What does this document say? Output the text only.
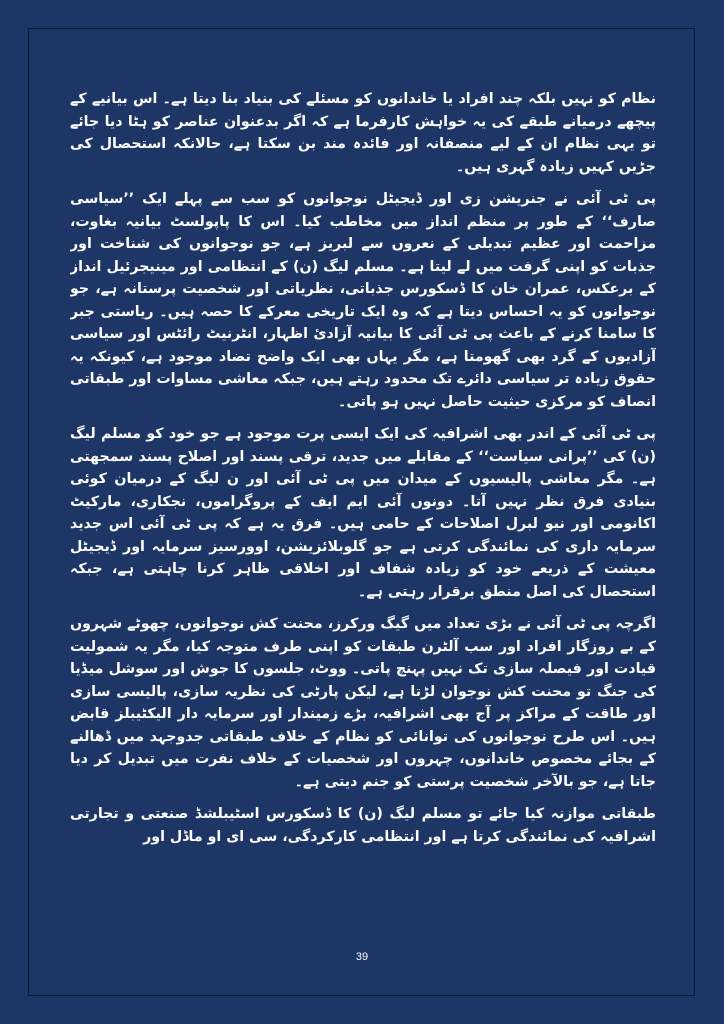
نظام کو نہیں بلکہ چند افراد یا خاندانوں کو مسئلے کی بنیاد بنا دیتا ہے۔ اس بیانیے کے پیچھے درمیانے طبقے کی یہ خواہش کارفرما ہے کہ اگر بدعنوان عناصر کو ہٹا دیا جائے تو یہی نظام ان کے لیے منصفانہ اور فائدہ مند بن سکتا ہے، حالانکہ استحصال کی جڑیں کہیں زیادہ گہری ہیں۔

پی ٹی آئی نے جنریشن زی اور ڈیجیٹل نوجوانوں کو سب سے پہلے ایک ’’سیاسی صارف‘‘ کے طور پر منظم انداز میں مخاطب کیا۔ اس کا پاپولسٹ بیانیہ بغاوت، مزاحمت اور عظیم تبدیلی کے نعروں سے لبریز ہے، جو نوجوانوں کی شناخت اور جذبات کو اپنی گرفت میں لے لیتا ہے۔ مسلم لیگ (ن) کے انتظامی اور مینیجرئیل انداز کے برعکس، عمران خان کا ڈسکورس جذباتی، نظریاتی اور شخصیت پرستانہ ہے، جو نوجوانوں کو یہ احساس دیتا ہے کہ وہ ایک تاریخی معرکے کا حصہ ہیں۔ ریاستی جبر کا سامنا کرنے کے باعث پی ٹی آئی کا بیانیہ آزادیٔ اظہار، انٹرنیٹ رائٹس اور سیاسی آزادیوں کے گرد بھی گھومتا ہے، مگر یہاں بھی ایک واضح تضاد موجود ہے، کیونکہ یہ حقوق زیادہ تر سیاسی دائرے تک محدود رہتے ہیں، جبکہ معاشی مساوات اور طبقاتی انصاف کو مرکزی حیثیت حاصل نہیں ہو پاتی۔

پی ٹی آئی کے اندر بھی اشرافیہ کی ایک ایسی پرت موجود ہے جو خود کو مسلم لیگ (ن) کی ’’پرانی سیاست‘‘ کے مقابلے میں جدید، ترقی پسند اور اصلاح پسند سمجھتی ہے۔ مگر معاشی پالیسیوں کے میدان میں پی ٹی آئی اور ن لیگ کے درمیان کوئی بنیادی فرق نظر نہیں آتا۔ دونوں آئی ایم ایف کے پروگراموں، نجکاری، مارکیٹ اکانومی اور نیو لبرل اصلاحات کے حامی ہیں۔ فرق یہ ہے کہ پی ٹی آئی اس جدید سرمایہ داری کی نمائندگی کرتی ہے جو گلوبلائزیشن، اوورسیز سرمایہ اور ڈیجیٹل معیشت کے ذریعے خود کو زیادہ شفاف اور اخلاقی ظاہر کرنا چاہتی ہے، جبکہ استحصال کی اصل منطق برقرار رہتی ہے۔

اگرچہ پی ٹی آئی نے بڑی تعداد میں گیگ ورکرز، محنت کش نوجوانوں، چھوٹے شہروں کے بے روزگار افراد اور سب آلٹرن طبقات کو اپنی طرف متوجہ کیا، مگر یہ شمولیت قیادت اور فیصلہ سازی تک نہیں پہنچ پاتی۔ ووٹ، جلسوں کا جوش اور سوشل میڈیا کی جنگ تو محنت کش نوجوان لڑتا ہے، لیکن پارٹی کی نظریہ سازی، پالیسی سازی اور طاقت کے مراکز پر آج بھی اشرافیہ، بڑے زمیندار اور سرمایہ دار الیکٹیبلز قابض ہیں۔ اس طرح نوجوانوں کی توانائی کو نظام کے خلاف طبقاتی جدوجہد میں ڈھالنے کے بجائے مخصوص خاندانوں، چہروں اور شخصیات کے خلاف نفرت میں تبدیل کر دیا جاتا ہے، جو بالآخر شخصیت پرستی کو جنم دیتی ہے۔

طبقاتی موازنہ کیا جائے تو مسلم لیگ (ن) کا ڈسکورس اسٹیبلشڈ صنعتی و تجارتی اشرافیہ کی نمائندگی کرتا ہے اور انتظامی کارکردگی، سی ای او ماڈل اور

39
